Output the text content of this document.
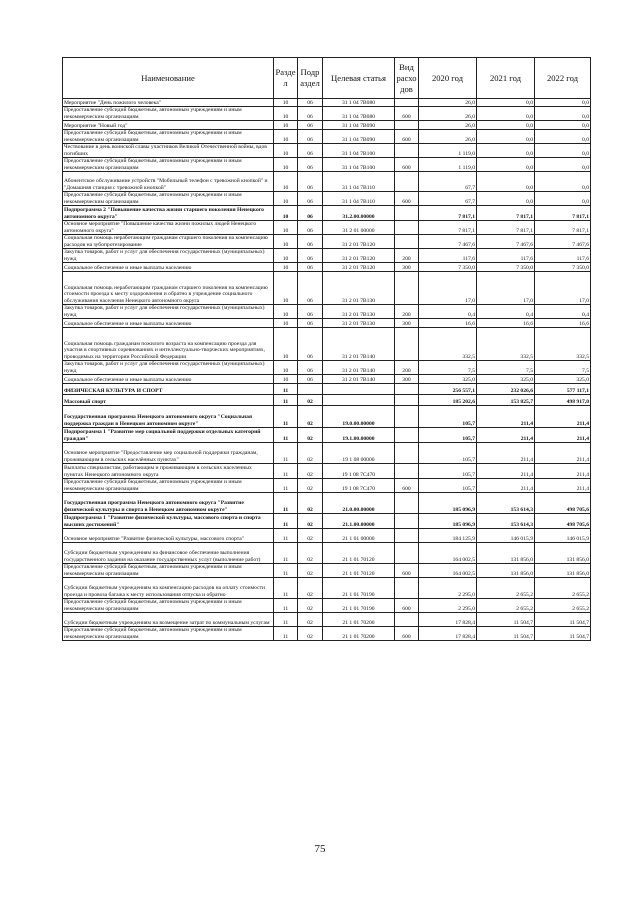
Наименование	Разде л	Подр аздел	Целевая статья	Вид расхо дов	2020 год	2021 год	2022 год
Мероприятие "День пожилого человека"	10	06	31 1 04 7В080		26,0	0,0	0,0
Предоставление субсидий бюджетным, автономным учреждениям и иным некоммерческим организациям	10	06	31 1 04 7В080	600	26,0	0,0	0,0
Мероприятие "Новый год"	10	06	31 1 04 7В090		26,0	0,0	0,0
Предоставление субсидий бюджетным, автономным учреждениям и иным некоммерческим организациям	10	06	31 1 04 7В090	600	26,0	0,0	0,0
Чествование в день воинской славы участников Великой Отечественной войны, вдов погибших	10	06	31 1 04 7В100		1 119,0	0,0	0,0
Предоставление субсидий бюджетным, автономным учреждениям и иным некоммерческим организациям	10	06	31 1 04 7В100	600	1 119,0	0,0	0,0
Абонентское обслуживание устройств "Мобильный телефон с тревожной кнопкой" и "Домашняя станция с тревожной кнопкой"	10	06	31 1 04 7В110		67,7	0,0	0,0
Предоставление субсидий бюджетным, автономным учреждениям и иным некоммерческим организациям	10	06	31 1 04 7В110	600	67,7	0,0	0,0
Подпрограмма 2 "Повышение качества жизни старшего поколения Ненецкого автономного округа"	10	06	31.2.00.00000		7 817,1	7 817,1	7 817,1
Основное мероприятие "Повышение качества жизни пожилых людей Ненецкого автономного округа"	10	06	31 2 01 00000		7 817,1	7 817,1	7 817,1
Социальная помощь неработающим гражданам старшего поколения на компенсацию расходов на зубопротезирование	10	06	31 2 01 7В120		7 467,6	7 467,6	7 467,6
Закупка товаров, работ и услуг для обеспечения государственных (муниципальных) нужд	10	06	31 2 01 7В120	200	117,6	117,6	117,6
Социальное обеспечение и иные выплаты населению	10	06	31 2 01 7В120	300	7 350,0	7 350,0	7 350,0
Социальная помощь неработающим гражданам старшего поколения на компенсацию стоимости проезда к месту оздоровления и обратно в учреждение социального обслуживания населения Ненецкого автономного округа	10	06	31 2 01 7В130		17,0	17,0	17,0
Закупка товаров, работ и услуг для обеспечения государственных (муниципальных) нужд	10	06	31 2 01 7В130	200	0,4	0,4	0,4
Социальное обеспечение и иные выплаты населению	10	06	31 2 01 7В130	300	16,6	16,6	16,6
Социальная помощь гражданам пожилого возраста на компенсацию проезда для участия в спортивных соревнованиях и интеллектуально-творческих мероприятиях, проводимых на территории Российской Федерации	10	06	31 2 01 7В140		332,5	332,5	332,5
Закупка товаров, работ и услуг для обеспечения государственных (муниципальных) нужд	10	06	31 2 01 7В140	200	7,5	7,5	7,5
Социальное обеспечение и иные выплаты населению	10	06	31 2 01 7В140	300	325,0	325,0	325,0
ФИЗИЧЕСКАЯ КУЛЬТУРА И СПОРТ	11				256 557,1	232 026,6	577 117,1
Массовый спорт	11	02			185 202,6	153 825,7	498 917,0
Государственная программа Ненецкого автономного округа "Социальная поддержка граждан в Ненецком автономном округе"	11	02	19.0.00.00000		105,7	211,4	211,4
Подпрограмма 1 "Развитие мер социальной поддержки отдельных категорий граждан"	11	02	19.1.00.00000		105,7	211,4	211,4
Основное мероприятие "Предоставление мер социальной поддержки гражданам, проживающим в сельских населённых пунктах"	11	02	19 1 08 00000		105,7	211,4	211,4
Выплаты специалистам, работающим и проживающим в сельских населенных пунктах Ненецкого автономного округа	11	02	19 1 08 7С470		105,7	211,4	211,4
Предоставление субсидий бюджетным, автономным учреждениям и иным некоммерческим организациям	11	02	19 1 08 7С470	600	105,7	211,4	211,4
Государственная программа Ненецкого автономного округа "Развитие физической культуры и спорта в Ненецком автономном округе"	11	02	21.0.00.00000		185 096,9	153 614,3	498 705,6
Подпрограмма 1 "Развитие физической культуры, массового спорта и спорта высших достижений"	11	02	21.1.00.00000		185 096,9	153 614,3	498 705,6
Основное мероприятие "Развитие физической культуры, массового спорта"	11	02	21 1 01 00000		184 125,9	146 015,9	146 015,9
Субсидии бюджетным учреждениям на финансовое обеспечение выполнения государственного задания на оказание государственных услуг (выполнение работ)	11	02	21 1 01 70120		164 002,5	131 856,0	131 856,0
Предоставление субсидий бюджетным, автономным учреждениям и иным некоммерческим организациям	11	02	21 1 01 70120	600	164 002,5	131 856,0	131 856,0
Субсидии бюджетным учреждениям на компенсацию расходов на оплату стоимости проезда и провоза багажа к месту использования отпуска и обратно	11	02	21 1 01 70190		2 295,0	2 655,2	2 655,2
Предоставление субсидий бюджетным, автономным учреждениям и иным некоммерческим организациям	11	02	21 1 01 70190	600	2 295,0	2 655,2	2 655,2
Субсидии бюджетным учреждениям на возмещение затрат по коммунальным услугам	11	02	21 1 01 70200		17 828,4	11 504,7	11 504,7
Предоставление субсидий бюджетным, автономным учреждениям и иным некоммерческим организациям	11	02	21 1 01 70200	600	17 828,4	11 504,7	11 504,7
75
